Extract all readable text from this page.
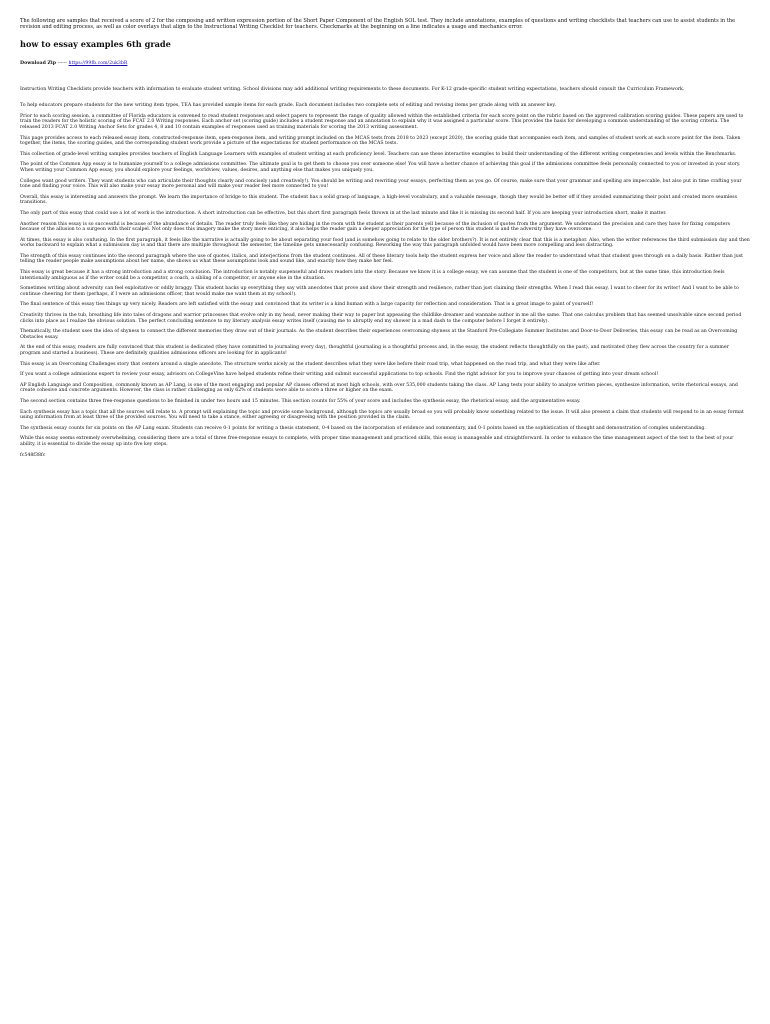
The following are samples that received a score of 2 for the composing and written expression portion of the Short Paper Component of the English SOL test. They include annotations, examples of questions and writing checklists that teachers can use to assist students in the revision and editing process, as well as color overlays that align to the Instructional Writing Checklist for teachers. Checkmarks at the beginning on a line indicates a usage and mechanics error.

how to essay examples 6th grade

Download Zip ------ https://99fb.com/2uk3bR

Instruction Writing Checklists provide teachers with information to evaluate student writing. School divisions may add additional writing requirements to these documents. For K-12 grade-specific student writing expectations, teachers should consult the Curriculum Framework.

To help educators prepare students for the new writing item types, TEA has provided sample items for each grade. Each document includes two complete sets of editing and revising items per grade along with an answer key.

Prior to each scoring session, a committee of Florida educators is convened to read student responses and select papers to represent the range of quality allowed within the established criteria for each score point on the rubric based on the approved calibration scoring guides. These papers are used to train the readers for the holistic scoring of the FCAT 2.0 Writing responses. Each anchor set (scoring guide) includes a student response and an annotation to explain why it was assigned a particular score. This provides the basis for developing a common understanding of the scoring criteria. The released 2013 FCAT 2.0 Writing Anchor Sets for grades 4, 8 and 10 contain examples of responses used as training materials for scoring the 2013 writing assessment.

This page provides access to each released essay item, constructed-response item, open-response item, and writing prompt included on the MCAS tests from 2018 to 2023 (except 2020), the scoring guide that accompanies each item, and samples of student work at each score point for the item. Taken together, the items, the scoring guides, and the corresponding student work provide a picture of the expectations for student performance on the MCAS tests.

This collection of grade-level writing samples provides teachers of English Language Learners with examples of student writing at each proficiency level. Teachers can use these interactive examples to build their understanding of the different writing competencies and levels within the Benchmarks.

The point of the Common App essay is to humanize yourself to a college admissions committee. The ultimate goal is to get them to choose you over someone else! You will have a better chance of achieving this goal if the admissions committee feels personally connected to you or invested in your story. When writing your Common App essay, you should explore your feelings, worldview, values, desires, and anything else that makes you uniquely you.

Colleges want good writers. They want students who can articulate their thoughts clearly and concisely (and creatively!). You should be writing and rewriting your essays, perfecting them as you go. Of course, make sure that your grammar and spelling are impeccable, but also put in time crafting your tone and finding your voice. This will also make your essay more personal and will make your reader feel more connected to you!

Overall, this essay is interesting and answers the prompt. We learn the importance of bridge to this student. The student has a solid grasp of language, a high-level vocabulary, and a valuable message, though they would be better off if they avoided summarizing their point and created more seamless transitions.

The only part of this essay that could use a lot of work is the introduction. A short introduction can be effective, but this short first paragraph feels thrown in at the last minute and like it is missing its second half. If you are keeping your introduction short, make it matter.

Another reason this essay is so successful is because of the abundance of details. The reader truly feels like they are hiding in the room with the student as their parents yell because of the inclusion of quotes from the argument. We understand the precision and care they have for fixing computers because of the allusion to a surgeon with their scalpel. Not only does this imagery make the story more enticing, it also helps the reader gain a deeper appreciation for the type of person this student is and the adversity they have overcome.

At times, this essay is also confusing. In the first paragraph, it feels like the narrative is actually going to be about separating your food (and is somehow going to relate to the older brothers?). It is not entirely clear that this is a metaphor. Also, when the writer references the third submission day and then works backward to explain what a submission day is and that there are multiple throughout the semester, the timeline gets unnecessarily confusing. Reworking the way this paragraph unfolded would have been more compelling and less distracting.

The strength of this essay continues into the second paragraph where the use of quotes, italics, and interjections from the student continues. All of these literary tools help the student express her voice and allow the reader to understand what that student goes through on a daily basis. Rather than just telling the reader people make assumptions about her name, she shows us what these assumptions look and sound like, and exactly how they make her feel.

This essay is great because it has a strong introduction and a strong conclusion. The introduction is notably suspenseful and draws readers into the story. Because we know it is a college essay, we can assume that the student is one of the competitors, but at the same time, this introduction feels intentionally ambiguous as if the writer could be a competitor, a coach, a sibling of a competitor, or anyone else in the situation.

Sometimes writing about adversity can feel exploitative or oddly braggy. This student backs up everything they say with anecdotes that prove and show their strength and resilience, rather than just claiming their strengths. When I read this essay, I want to cheer for its writer! And I want to be able to continue cheering for them (perhaps, if I were an admissions officer, that would make me want them at my school!).

The final sentence of this essay ties things up very nicely. Readers are left satisfied with the essay and convinced that its writer is a kind human with a large capacity for reflection and consideration. That is a great image to paint of yourself!

Creativity thrives in the tub, breathing life into tales of dragons and warrior princesses that evolve only in my head, never making their way to paper but appeasing the childlike dreamer and wannabe author in me all the same. That one calculus problem that has seemed unsolvable since second period clicks into place as I realize the obvious solution. The perfect concluding sentence to my literary analysis essay writes itself (causing me to abruptly end my shower in a mad dash to the computer before I forget it entirely).

Thematically, the student uses the idea of shyness to connect the different memories they draw out of their journals. As the student describes their experiences overcoming shyness at the Stanford Pre-Collegiate Summer Institutes and Door-to-Door Deliveries, this essay can be read as an Overcoming Obstacles essay.

At the end of this essay, readers are fully convinced that this student is dedicated (they have committed to journaling every day), thoughtful (journaling is a thoughtful process and, in the essay, the student reflects thoughtfully on the past), and motivated (they flew across the country for a summer program and started a business). These are definitely qualities admissions officers are looking for in applicants!

This essay is an Overcoming Challenges story that centers around a single anecdote. The structure works nicely as the student describes what they were like before their road trip, what happened on the road trip, and what they were like after.

If you want a college admissions expert to review your essay, advisors on CollegeVine have helped students refine their writing and submit successful applications to top schools. Find the right advisor for you to improve your chances of getting into your dream school!

AP English Language and Composition, commonly known as AP Lang, is one of the most engaging and popular AP classes offered at most high schools, with over 535,000 students taking the class. AP Lang tests your ability to analyze written pieces, synthesize information, write rhetorical essays, and create cohesive and concrete arguments. However, the class is rather challenging as only 62% of students were able to score a three or higher on the exam.

The second section contains three free-response questions to be finished in under two hours and 15 minutes. This section counts for 55% of your score and includes the synthesis essay, the rhetorical essay, and the argumentative essay.

Each synthesis essay has a topic that all the sources will relate to. A prompt will explaining the topic and provide some background, although the topics are usually broad so you will probably know something related to the issue. It will also present a claim that students will respond to in an essay format using information from at least three of the provided sources. You will need to take a stance, either agreeing or disagreeing with the position provided in the claim.

The synthesis essay counts for six points on the AP Lang exam. Students can receive 0-1 points for writing a thesis statement, 0-4 based on the incorporation of evidence and commentary, and 0-1 points based on the sophistication of thought and demonstration of complex understanding.

While this essay seems extremely overwhelming, considering there are a total of three free-response essays to complete, with proper time management and practiced skills, this essay is manageable and straightforward. In order to enhance the time management aspect of the test to the best of your ability, it is essential to divide the essay up into five key steps.

fc548f38fc
